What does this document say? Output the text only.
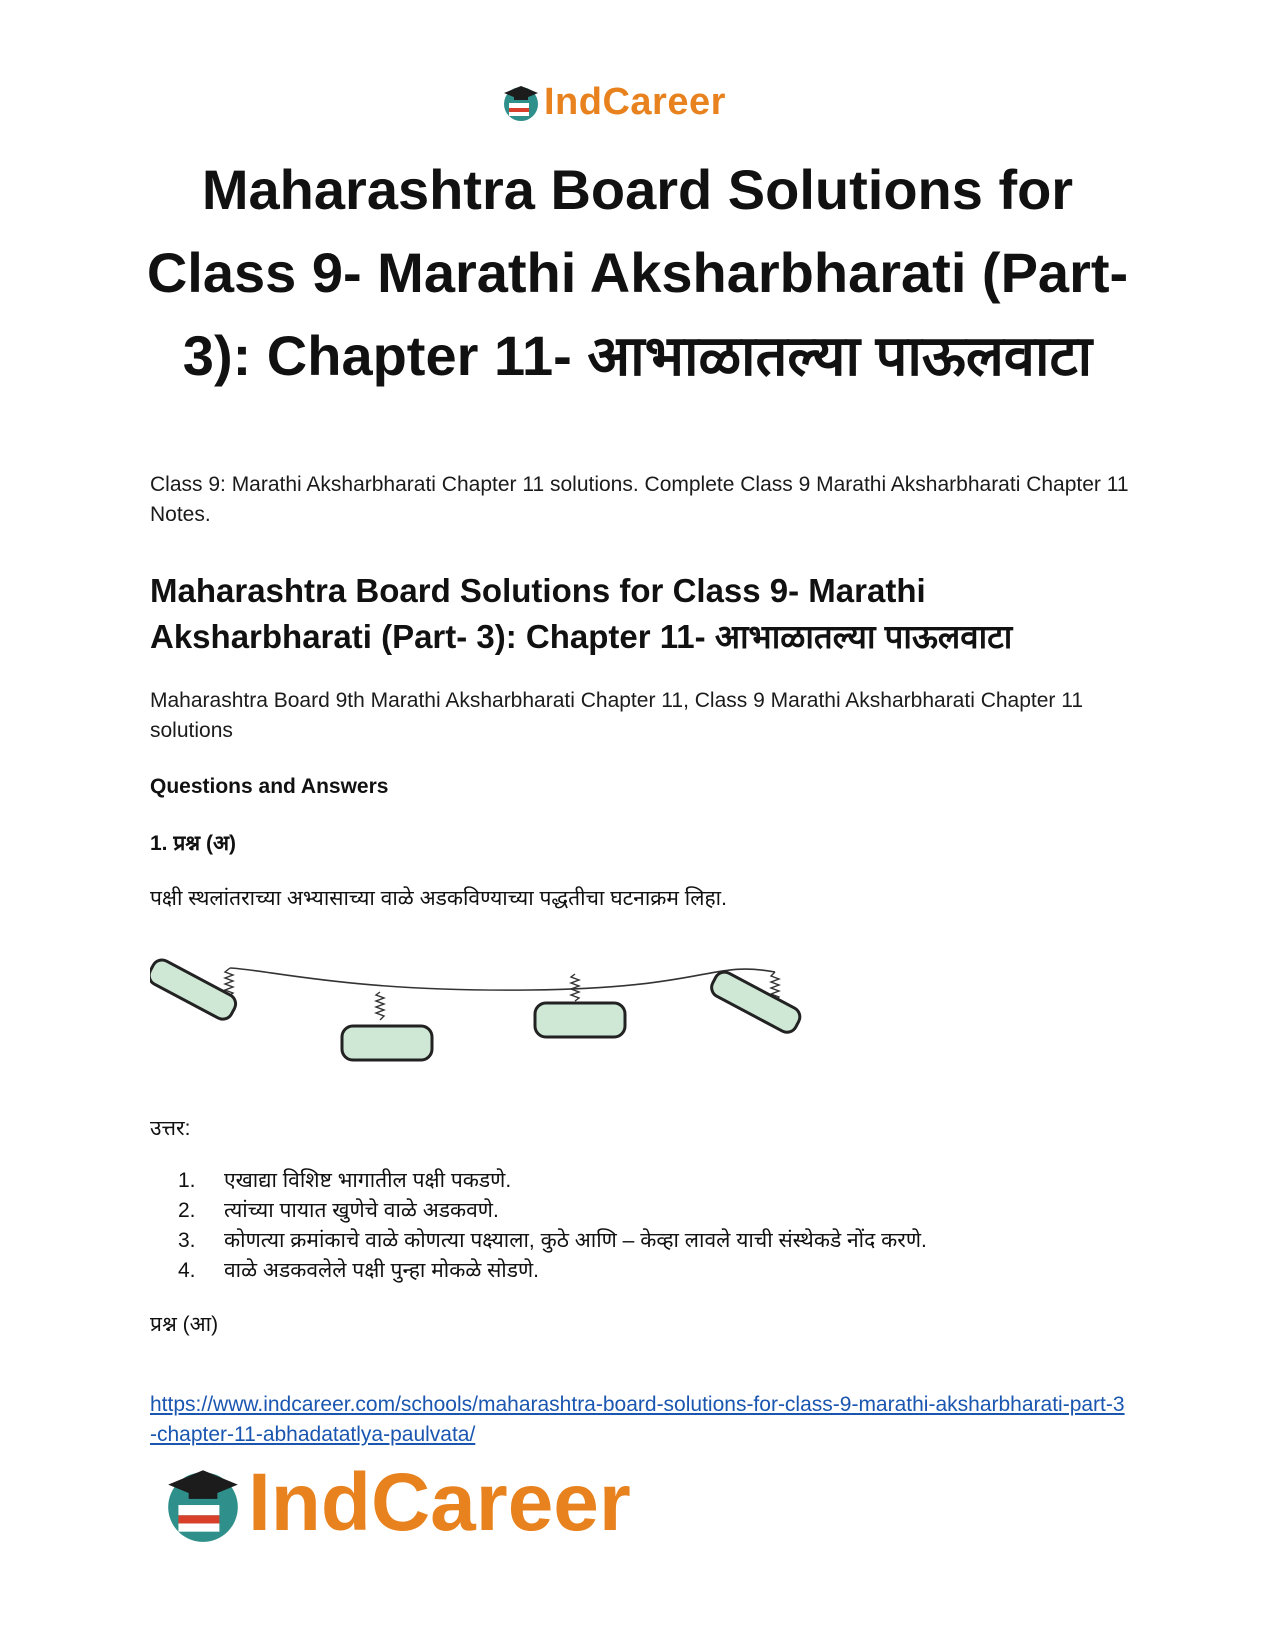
IndCareer
Maharashtra Board Solutions for Class 9- Marathi Aksharbharati (Part-3): Chapter 11- आभाळातल्या पाऊलवाटा
Class 9: Marathi Aksharbharati Chapter 11 solutions. Complete Class 9 Marathi Aksharbharati Chapter 11 Notes.
Maharashtra Board Solutions for Class 9- Marathi Aksharbharati (Part- 3): Chapter 11- आभाळातल्या पाऊलवाटा
Maharashtra Board 9th Marathi Aksharbharati Chapter 11, Class 9 Marathi Aksharbharati Chapter 11 solutions
Questions and Answers
1. प्रश्न (अ)
पक्षी स्थलांतराच्या अभ्यासाच्या वाळे अडकविण्याच्या पद्धतीचा घटनाक्रम लिहा.
उत्तर:
1.	एखाद्या विशिष्ट भागातील पक्षी पकडणे.
2.	त्यांच्या पायात खुणेचे वाळे अडकवणे.
3.	कोणत्या क्रमांकाचे वाळे कोणत्या पक्ष्याला, कुठे आणि – केव्हा लावले याची संस्थेकडे नोंद करणे.
4.	वाळे अडकवलेले पक्षी पुन्हा मोकळे सोडणे.
प्रश्न (आ)
https://www.indcareer.com/schools/maharashtra-board-solutions-for-class-9-marathi-aksharbharati-part-3-chapter-11-abhadatatlya-paulvata/
IndCareer
